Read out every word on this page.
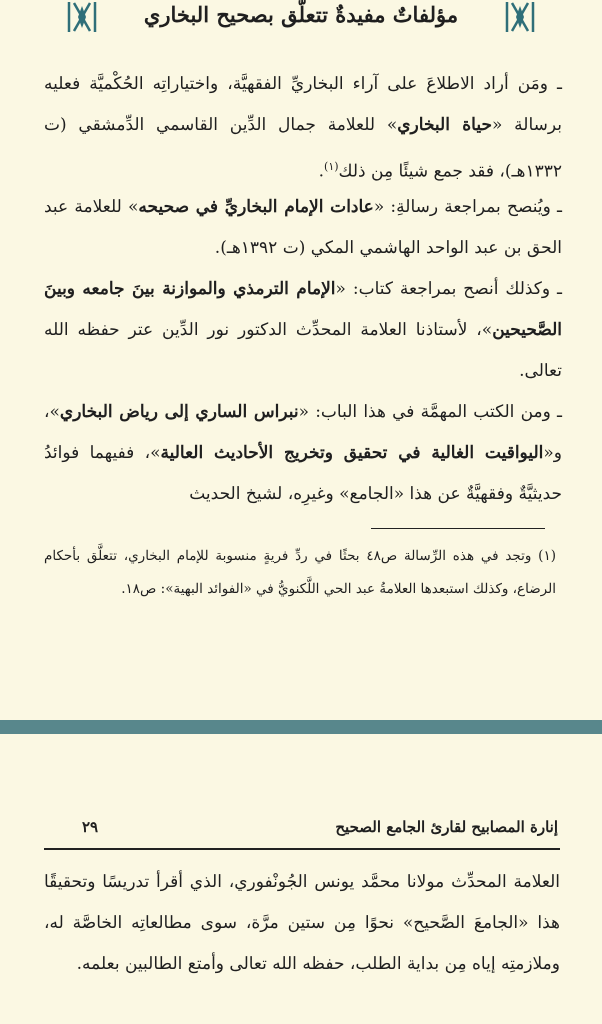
مؤلفاتٌ مفيدةٌ تتعلّق بصحيح البخاري
ـ ومَن أراد الاطلاعَ على آراء البخاريِّ الفقهيَّة، واختياراتِه الحُكْميَّة فعليه برسالة «حياة البخاري» للعلامة جمال الدِّين القاسمي الدِّمشقي (ت ١٣٣٢هـ)، فقد جمع شيئًا مِن ذلك$^{(١)}$.
ـ ويُنصح بمراجعة رسالةِ: «عادات الإمام البخاريِّ في صحيحه» للعلامة عبد الحق بن عبد الواحد الهاشمي المكي (ت ١٣٩٢هـ).
ـ وكذلك أنصح بمراجعة كتاب: «الإمام الترمذي والموازنة بينَ جامعه وبينَ الصَّحيحين»، لأستاذنا العلامة المحدِّث الدكتور نور الدِّين عتر حفظه الله تعالى.
ـ ومن الكتب المهمَّة في هذا الباب: «نبراس الساري إلى رياض البخاري»، و«اليواقيت الغالية في تحقيق وتخريج الأحاديث العالية»، ففيهما فوائدُ حديثيَّةٌ وفقهيَّةٌ عن هذا «الجامع» وغيرِه، لشيخ الحديث
(١) وتجد في هذه الرِّسالة ص٤٨ بحثًا في ردِّ فريةٍ منسوبة للإمام البخاري، تتعلَّق بأحكام الرضاع، وكذلك استبعدها العلامةُ عبد الحي اللَّكنويُّ في «الفوائد البهية»: ص١٨.
إنارة المصابيح لقارئ الجامع الصحيح
٢٩
العلامة المحدِّث مولانا محمَّد يونس الجُونْفوري، الذي أقرأ تدريسًا وتحقيقًا هذا «الجامعَ الصَّحيح» نحوًا مِن ستين مرَّة، سوى مطالعاتِه الخاصَّة له، وملازمتِه إياه مِن بداية الطلب، حفظه الله تعالى وأمتع الطالبين بعلمه.
